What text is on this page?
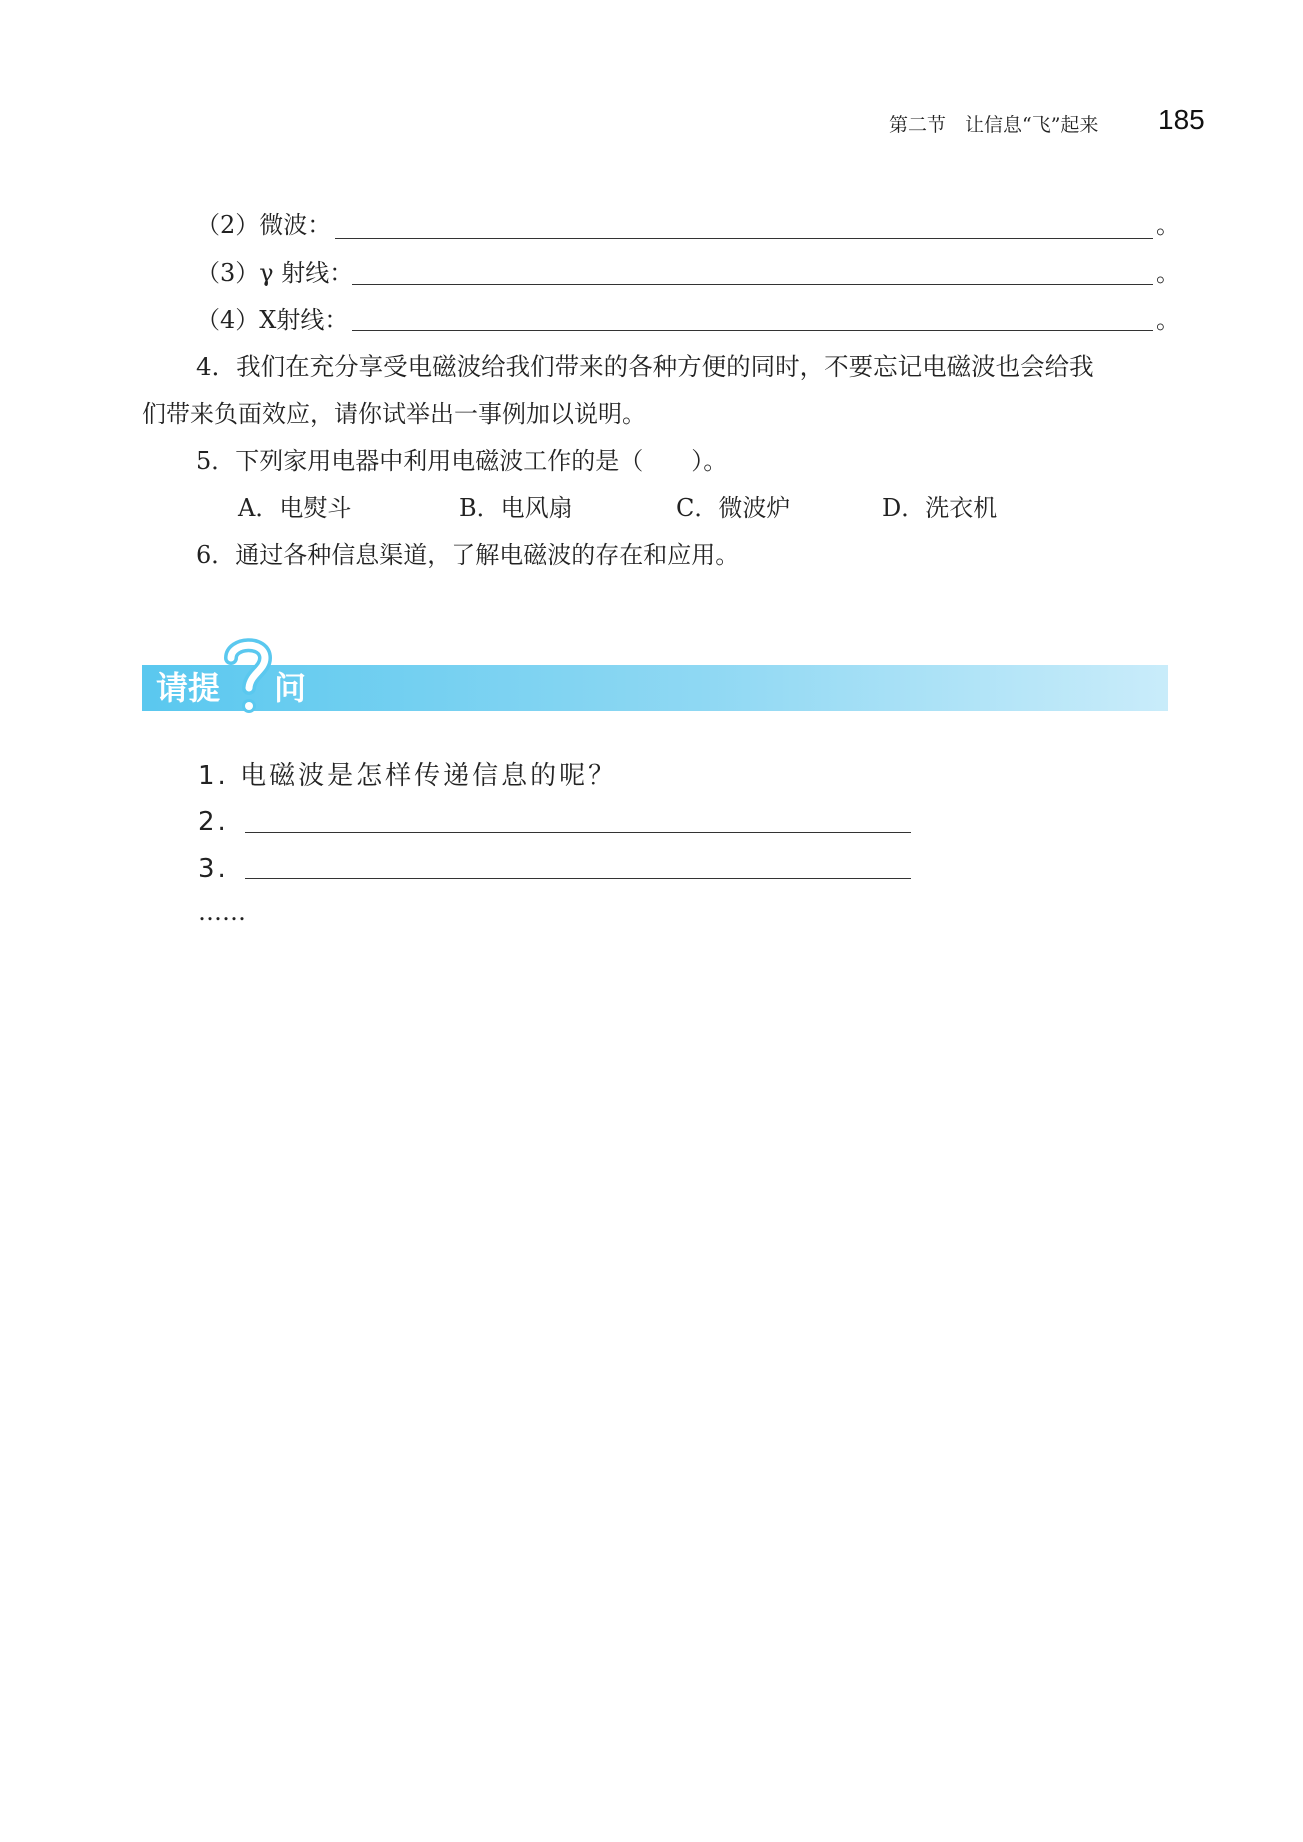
第二节　让信息“飞”起来 185
（2）微波：	。
（3）γ 射线：	。
（4）X射线：	。
4．我们在充分享受电磁波给我们带来的各种方便的同时，不要忘记电磁波也会给我
们带来负面效应，请你试举出一事例加以说明。
5．下列家用电器中利用电磁波工作的是（　　）。
A．电熨斗	B．电风扇	C．微波炉	D．洗衣机
6．通过各种信息渠道，了解电磁波的存在和应用。
请提 问
1. 电磁波是怎样传递信息的呢？
2.
3.
……
